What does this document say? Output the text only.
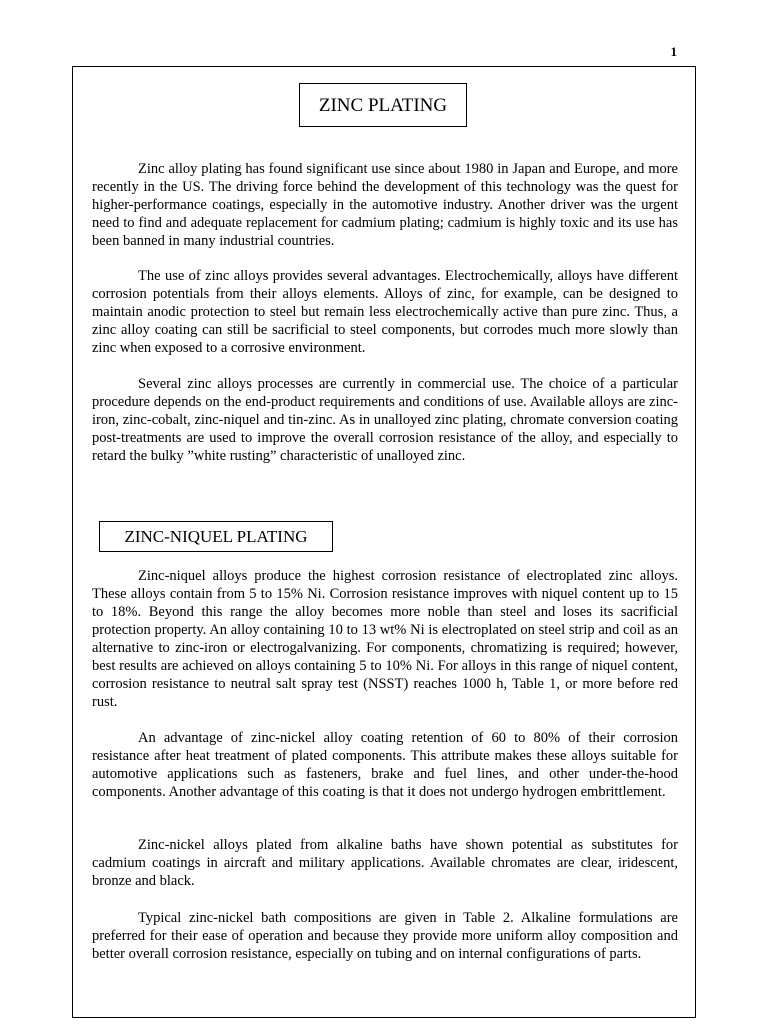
1
ZINC PLATING

Zinc alloy plating has found significant use since about 1980 in Japan and Europe, and more recently in the US. The driving force behind the development of this technology was the quest for higher-performance coatings, especially in the automotive industry. Another driver was the urgent need to find and adequate replacement for cadmium plating; cadmium is highly toxic and its use has been banned in many industrial countries.

The use of zinc alloys provides several advantages. Electrochemically, alloys have different corrosion potentials from their alloys elements. Alloys of zinc, for example, can be designed to maintain anodic protection to steel but remain less electrochemically active than pure zinc. Thus, a zinc alloy coating can still be sacrificial to steel components, but corrodes much more slowly than zinc when exposed to a corrosive environment.

Several zinc alloys processes are currently in commercial use. The choice of a particular procedure depends on the end-product requirements and conditions of use. Available alloys are zinc-iron, zinc-cobalt, zinc-niquel and tin-zinc. As in unalloyed zinc plating, chromate conversion coating post-treatments are used to improve the overall corrosion resistance of the alloy, and especially to retard the bulky ”white rusting” characteristic of unalloyed zinc.

ZINC-NIQUEL PLATING

Zinc-niquel alloys produce the highest corrosion resistance of electroplated zinc alloys. These alloys contain from 5 to 15% Ni. Corrosion resistance improves with niquel content up to 15 to 18%. Beyond this range the alloy becomes more noble than steel and loses its sacrificial protection property. An alloy containing 10 to 13 wt% Ni is electroplated on steel strip and coil as an alternative to zinc-iron or electrogalvanizing. For components, chromatizing is required; however, best results are achieved on alloys containing 5 to 10% Ni. For alloys in this range of niquel content, corrosion resistance to neutral salt spray test (NSST) reaches 1000 h, Table 1, or more before red rust.

An advantage of zinc-nickel alloy coating retention of 60 to 80% of their corrosion resistance after heat treatment of plated components. This attribute makes these alloys suitable for automotive applications such as fasteners, brake and fuel lines, and other under-the-hood components. Another advantage of this coating is that it does not undergo hydrogen embrittlement.

Zinc-nickel alloys plated from alkaline baths have shown potential as substitutes for cadmium coatings in aircraft and military applications. Available chromates are clear, iridescent, bronze and black.

Typical zinc-nickel bath compositions are given in Table 2. Alkaline formulations are preferred for their ease of operation and because they provide more uniform alloy composition and better overall corrosion resistance, especially on tubing and on internal configurations of parts.
